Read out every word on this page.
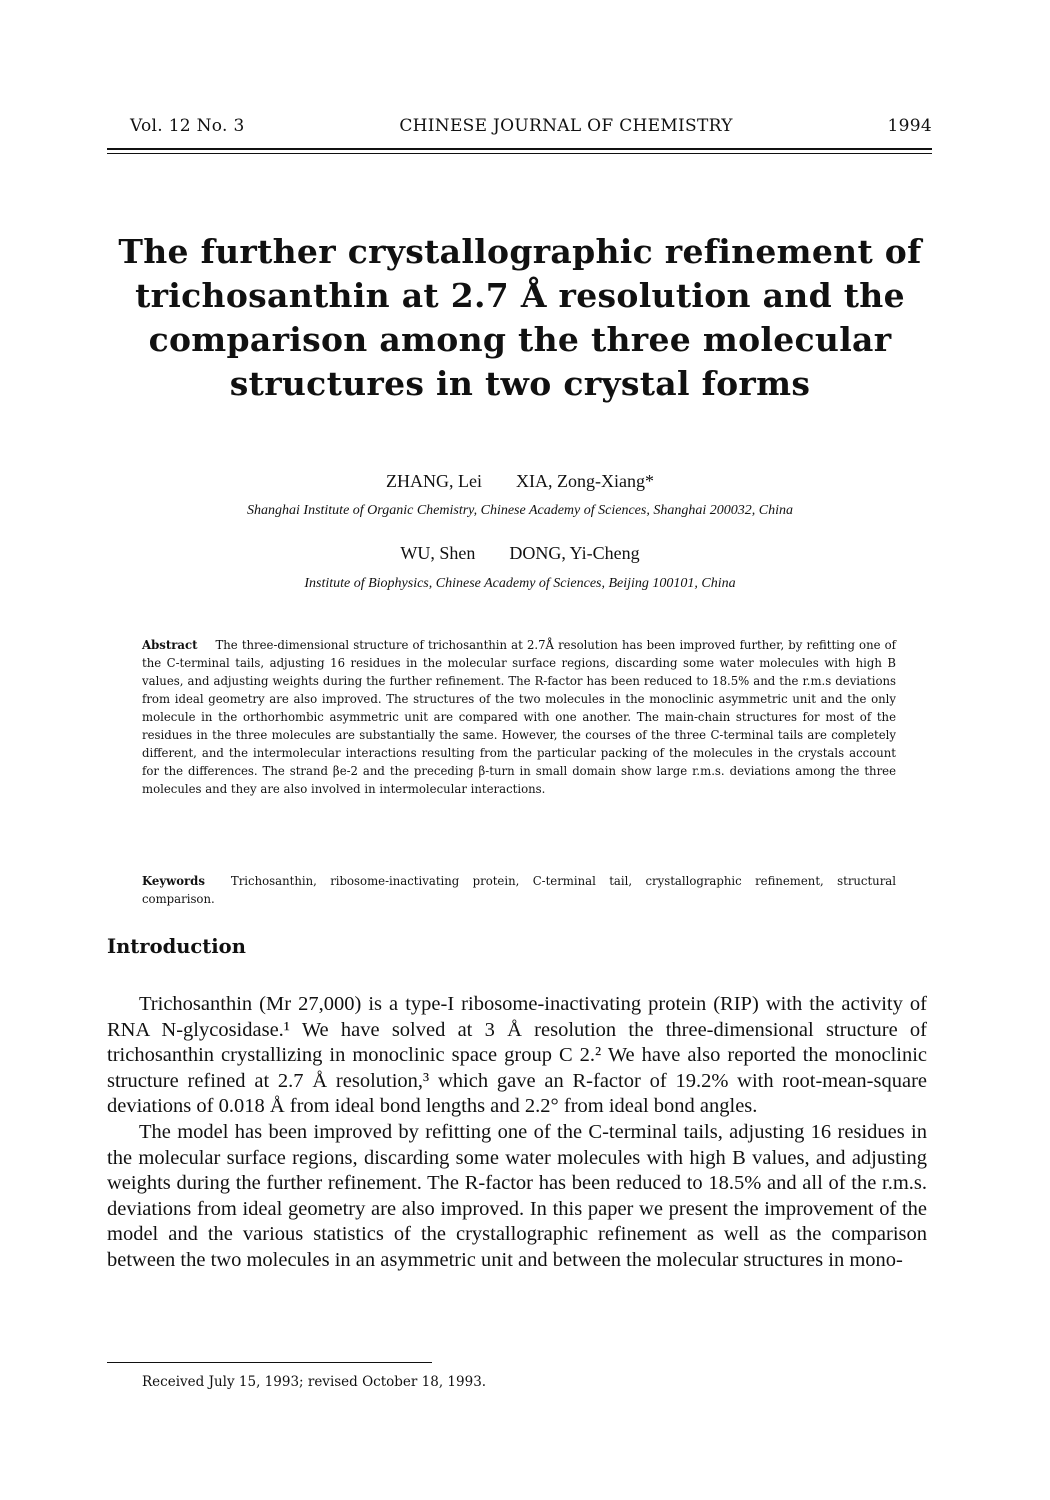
Vol. 12 No. 3	CHINESE JOURNAL OF CHEMISTRY	1994
The further crystallographic refinement of
trichosanthin at 2.7 Å resolution and the
comparison among the three molecular
structures in two crystal forms
ZHANG, Lei XIA, Zong-Xiang*
Shanghai Institute of Organic Chemistry, Chinese Academy of Sciences, Shanghai 200032, China
WU, Shen DONG, Yi-Cheng
Institute of Biophysics, Chinese Academy of Sciences, Beijing 100101, China
Abstract The three-dimensional structure of trichosanthin at 2.7Å resolution has been improved further, by refitting one of the C-terminal tails, adjusting 16 residues in the molecular surface regions, discarding some water molecules with high B values, and adjusting weights during the further refinement. The R-factor has been reduced to 18.5% and the r.m.s deviations from ideal geometry are also improved. The structures of the two molecules in the monoclinic asymmetric unit and the only molecule in the orthorhombic asymmetric unit are compared with one another. The main-chain structures for most of the residues in the three molecules are substantially the same. However, the courses of the three C-terminal tails are completely different, and the intermolecular interactions resulting from the particular packing of the molecules in the crystals account for the differences. The strand βe-2 and the preceding β-turn in small domain show large r.m.s. deviations among the three molecules and they are also involved in intermolecular interactions.
Keywords Trichosanthin, ribosome-inactivating protein, C-terminal tail, crystallographic refinement, structural comparison.
Introduction

Trichosanthin (Mr 27,000) is a type-I ribosome-inactivating protein (RIP) with the activity of RNA N-glycosidase.¹ We have solved at 3 Å resolution the three-dimensional structure of trichosanthin crystallizing in monoclinic space group C 2.² We have also reported the monoclinic structure refined at 2.7 Å resolution,³ which gave an R-factor of 19.2% with root-mean-square deviations of 0.018 Å from ideal bond lengths and 2.2° from ideal bond angles.

The model has been improved by refitting one of the C-terminal tails, adjusting 16 residues in the molecular surface regions, discarding some water molecules with high B values, and adjusting weights during the further refinement. The R-factor has been reduced to 18.5% and all of the r.m.s. deviations from ideal geometry are also improved. In this paper we present the improvement of the model and the various statistics of the crystallographic refinement as well as the comparison between the two molecules in an asymmetric unit and between the molecular structures in mono-

Received July 15, 1993; revised October 18, 1993.
